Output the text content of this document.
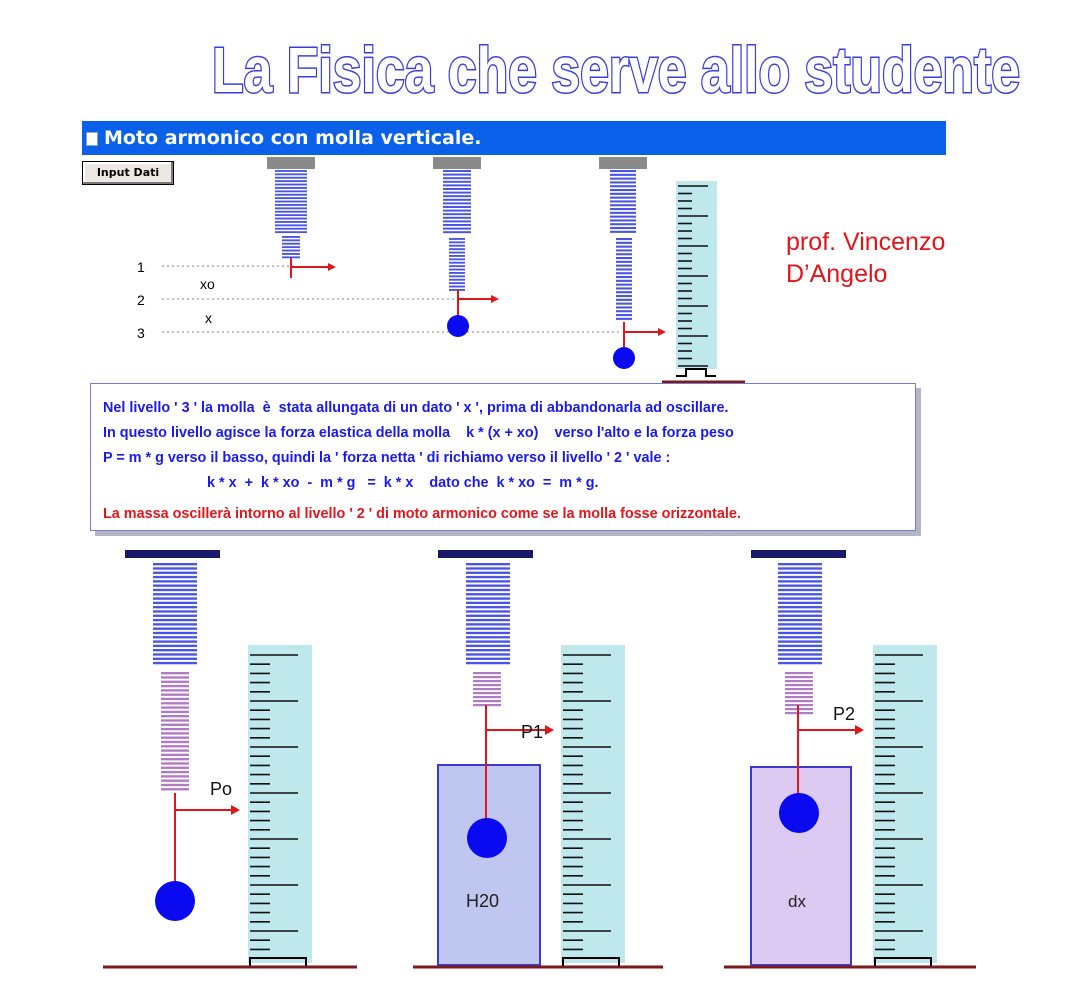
La Fisica che serve allo studente
Moto armonico con molla verticale.
Input Dati
prof. Vincenzo
D’Angelo
1
2
3
xo
x
Nel livello ' 3 ' la molla  è  stata allungata di un dato ' x ', prima di abbandonarla ad oscillare.
In questo livello agisce la forza elastica della molla    k * (x + xo)    verso l'alto e la forza peso
P = m * g verso il basso, quindi la ' forza netta ' di richiamo verso il livello ' 2 ' vale :
k * x  +  k * xo  -  m * g   =  k * x    dato che  k * xo  =  m * g.
La massa oscillerà intorno al livello ' 2 ' di moto armonico come se la molla fosse orizzontale.
Po
P1
H20
P2
dx
